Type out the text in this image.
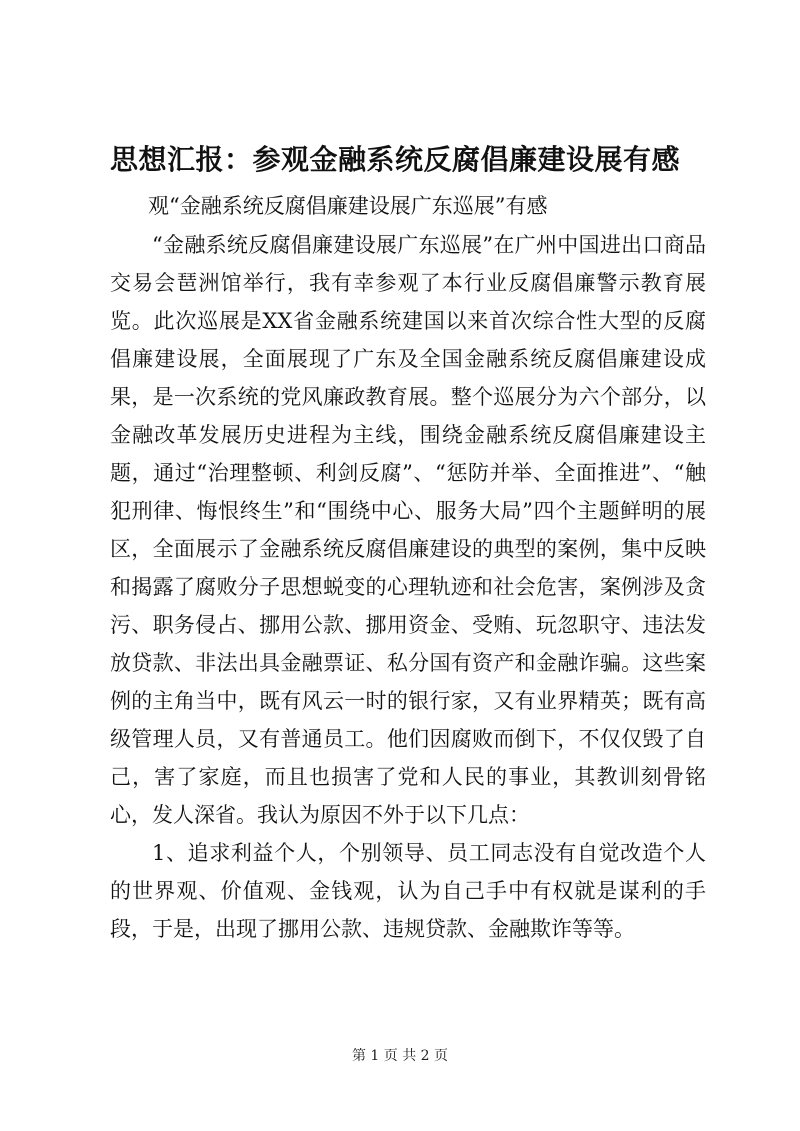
思想汇报：参观金融系统反腐倡廉建设展有感
观“金融系统反腐倡廉建设展广东巡展”有感

“金融系统反腐倡廉建设展广东巡展”在广州中国进出口商品交易会琶洲馆举行，我有幸参观了本行业反腐倡廉警示教育展览。此次巡展是XX省金融系统建国以来首次综合性大型的反腐倡廉建设展，全面展现了广东及全国金融系统反腐倡廉建设成果，是一次系统的党风廉政教育展。整个巡展分为六个部分，以金融改革发展历史进程为主线，围绕金融系统反腐倡廉建设主题，通过“治理整顿、利剑反腐”、“惩防并举、全面推进”、“触犯刑律、悔恨终生”和“围绕中心、服务大局”四个主题鲜明的展区，全面展示了金融系统反腐倡廉建设的典型的案例，集中反映和揭露了腐败分子思想蜕变的心理轨迹和社会危害，案例涉及贪污、职务侵占、挪用公款、挪用资金、受贿、玩忽职守、违法发放贷款、非法出具金融票证、私分国有资产和金融诈骗。这些案例的主角当中，既有风云一时的银行家，又有业界精英；既有高级管理人员，又有普通员工。他们因腐败而倒下，不仅仅毁了自己，害了家庭，而且也损害了党和人民的事业，其教训刻骨铭心，发人深省。我认为原因不外于以下几点：

1、追求利益个人，个别领导、员工同志没有自觉改造个人的世界观、价值观、金钱观，认为自己手中有权就是谋利的手段，于是，出现了挪用公款、违规贷款、金融欺诈等等。

第 1 页 共 2 页
